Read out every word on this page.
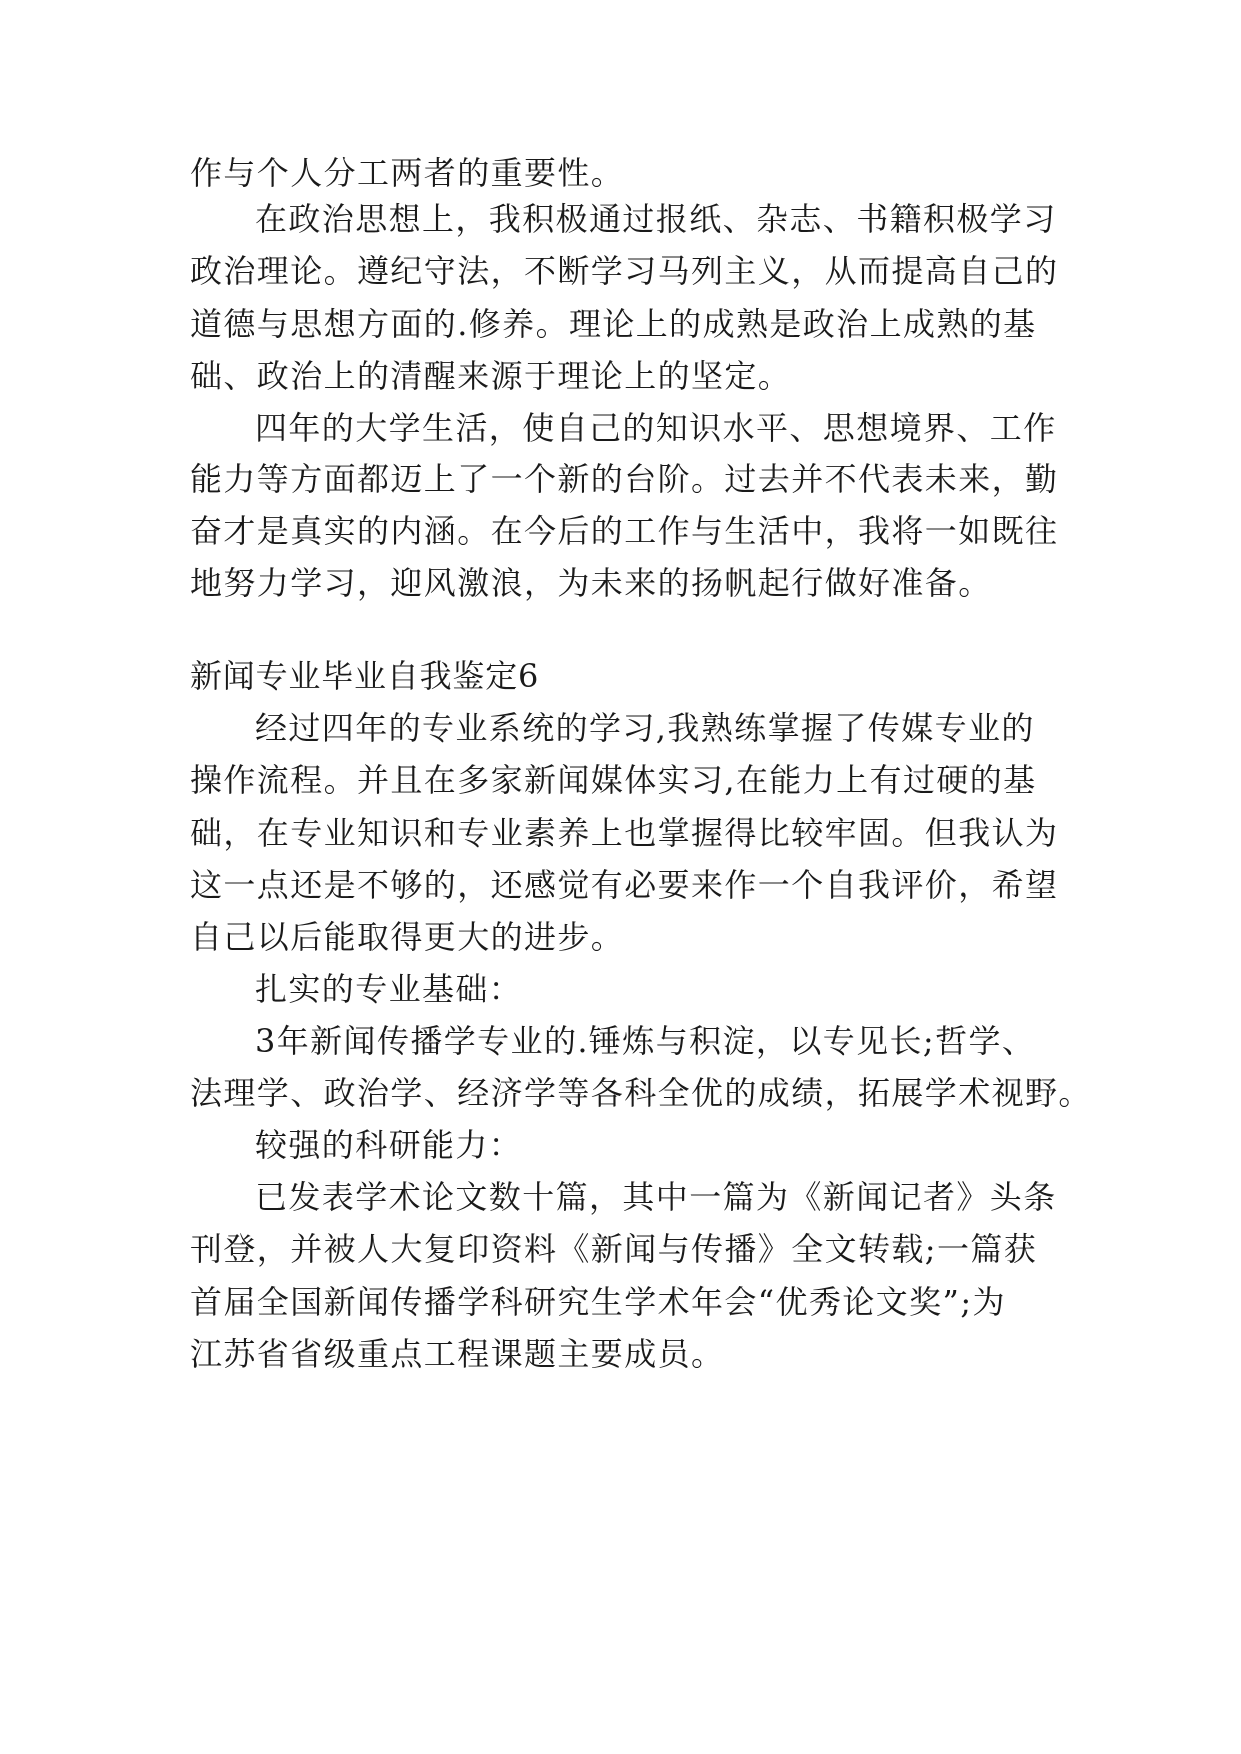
作与个人分工两者的重要性。

在政治思想上，我积极通过报纸、杂志、书籍积极学习

政治理论。遵纪守法，不断学习马列主义，从而提高自己的

道德与思想方面的.修养。理论上的成熟是政治上成熟的基

础、政治上的清醒来源于理论上的坚定。

四年的大学生活，使自己的知识水平、思想境界、工作

能力等方面都迈上了一个新的台阶。过去并不代表未来，勤

奋才是真实的内涵。在今后的工作与生活中，我将一如既往

地努力学习，迎风激浪，为未来的扬帆起行做好准备。

新闻专业毕业自我鉴定6

经过四年的专业系统的学习,我熟练掌握了传媒专业的

操作流程。并且在多家新闻媒体实习,在能力上有过硬的基

础，在专业知识和专业素养上也掌握得比较牢固。但我认为

这一点还是不够的，还感觉有必要来作一个自我评价，希望

自己以后能取得更大的进步。

扎实的专业基础：

3年新闻传播学专业的.锤炼与积淀，以专见长;哲学、

法理学、政治学、经济学等各科全优的成绩，拓展学术视野。

较强的科研能力：

已发表学术论文数十篇，其中一篇为《新闻记者》头条

刊登，并被人大复印资料《新闻与传播》全文转载;一篇获

首届全国新闻传播学科研究生学术年会“优秀论文奖”;为

江苏省省级重点工程课题主要成员。
